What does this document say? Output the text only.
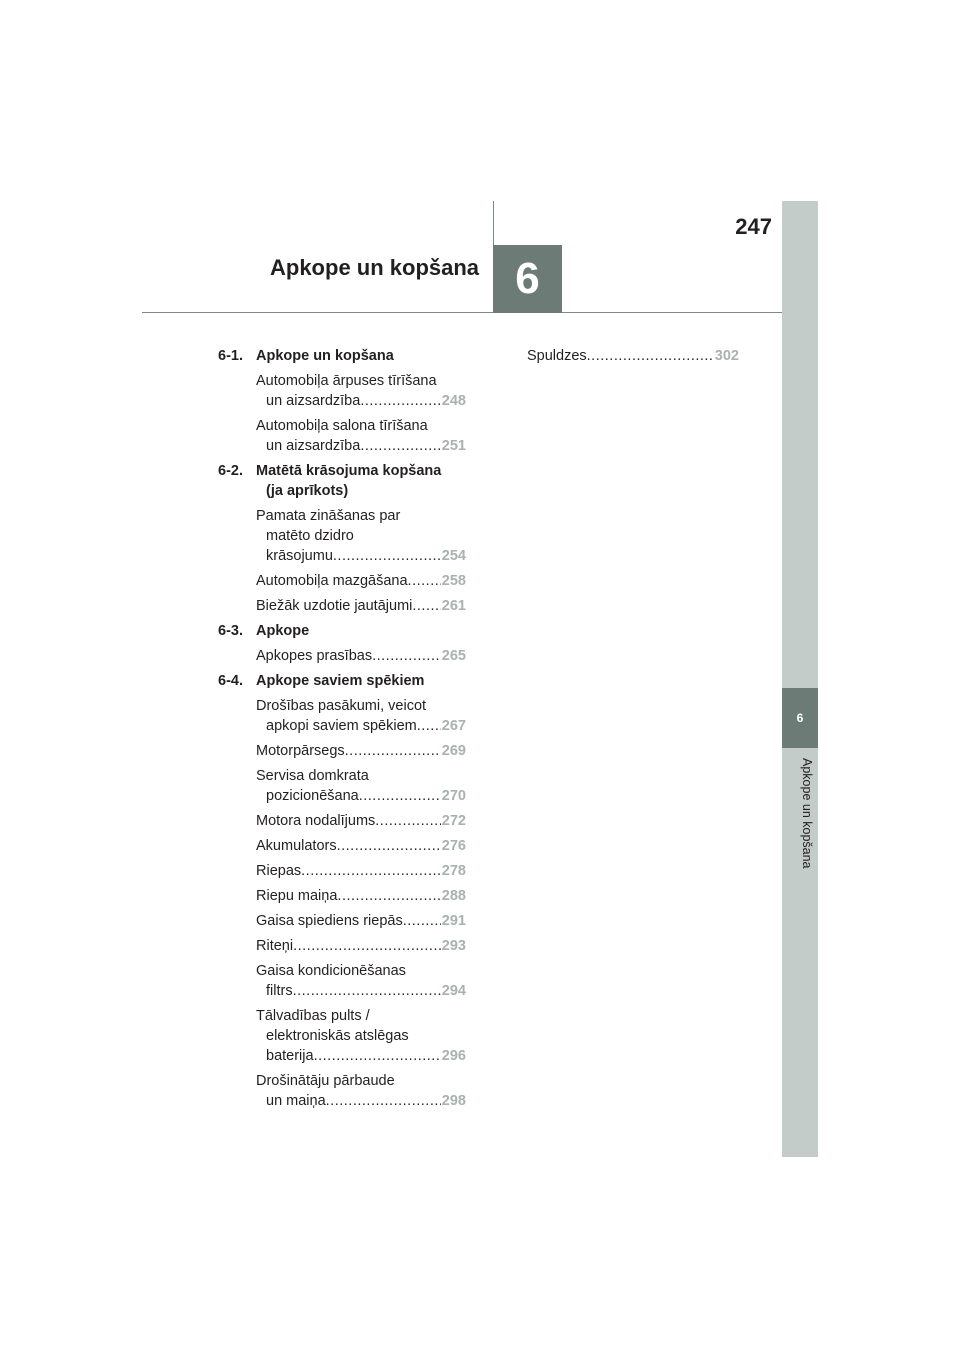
247
Apkope un kopšana 6
6
Apkope un kopšana
6-1. Apkope un kopšana
Automobiļa ārpuses tīrīšana
un aizsardzība .....	248
Automobiļa salona tīrīšana
un aizsardzība .....	251
6-2. Matētā krāsojuma kopšana
(ja aprīkots)
Pamata zināšanas par
matēto dzidro
krāsojumu .....	254
Automobiļa mazgāšana ..... 258
Biežāk uzdotie jautājumi ..... 261
6-3. Apkope
Apkopes prasības .....	265
6-4. Apkope saviem spēkiem
Drošības pasākumi, veicot
apkopi saviem spēkiem ..... 267
Motorpārsegs .....	269
Servisa domkrata
pozicionēšana .....	270
Motora nodalījums .....	272
Akumulators .....	276
Riepas .....	278
Riepu maiņa .....	288
Gaisa spiediens riepās .....	291
Riteņi .....	293
Gaisa kondicionēšanas
filtrs .....	294
Tālvadības pults /
elektroniskās atslēgas
baterija .....	296
Drošinātāju pārbaude
un maiņa .....	298
Spuldzes .....	302
